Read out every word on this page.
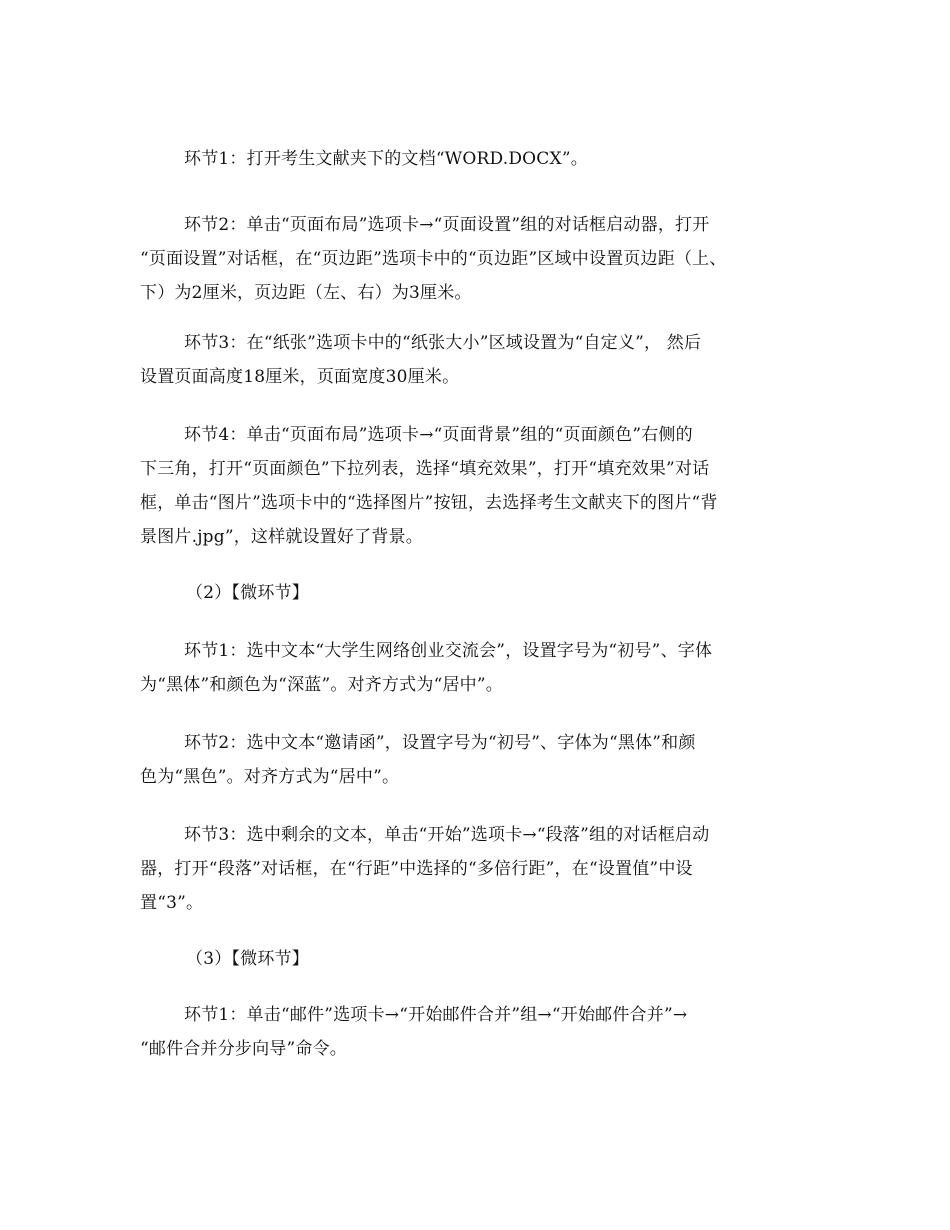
环节1：打开考生文献夹下的文档“WORD.DOCX”。

环节2：单击“页面布局”选项卡→“页面设置”组的对话框启动器，打开
“页面设置”对话框，在“页边距”选项卡中的“页边距”区域中设置页边距（上、
下）为2厘米，页边距（左、右）为3厘米。

环节3：在“纸张”选项卡中的“纸张大小”区域设置为“自定义”， 然后
设置页面高度18厘米，页面宽度30厘米。

环节4：单击“页面布局”选项卡→“页面背景”组的“页面颜色”右侧的
下三角，打开“页面颜色”下拉列表，选择“填充效果”，打开“填充效果”对话
框，单击“图片”选项卡中的“选择图片”按钮，去选择考生文献夹下的图片“背
景图片.jpg”，这样就设置好了背景。

（2）【微环节】

环节1：选中文本“大学生网络创业交流会”，设置字号为“初号”、字体
为“黑体”和颜色为“深蓝”。对齐方式为“居中”。

环节2：选中文本“邀请函”，设置字号为“初号”、字体为“黑体”和颜
色为“黑色”。对齐方式为“居中”。

环节3：选中剩余的文本，单击“开始”选项卡→“段落”组的对话框启动
器，打开“段落”对话框，在“行距”中选择的“多倍行距”，在“设置值”中设
置“3”。

（3）【微环节】

环节1：单击“邮件”选项卡→“开始邮件合并”组→“开始邮件合并”→
“邮件合并分步向导”命令。
